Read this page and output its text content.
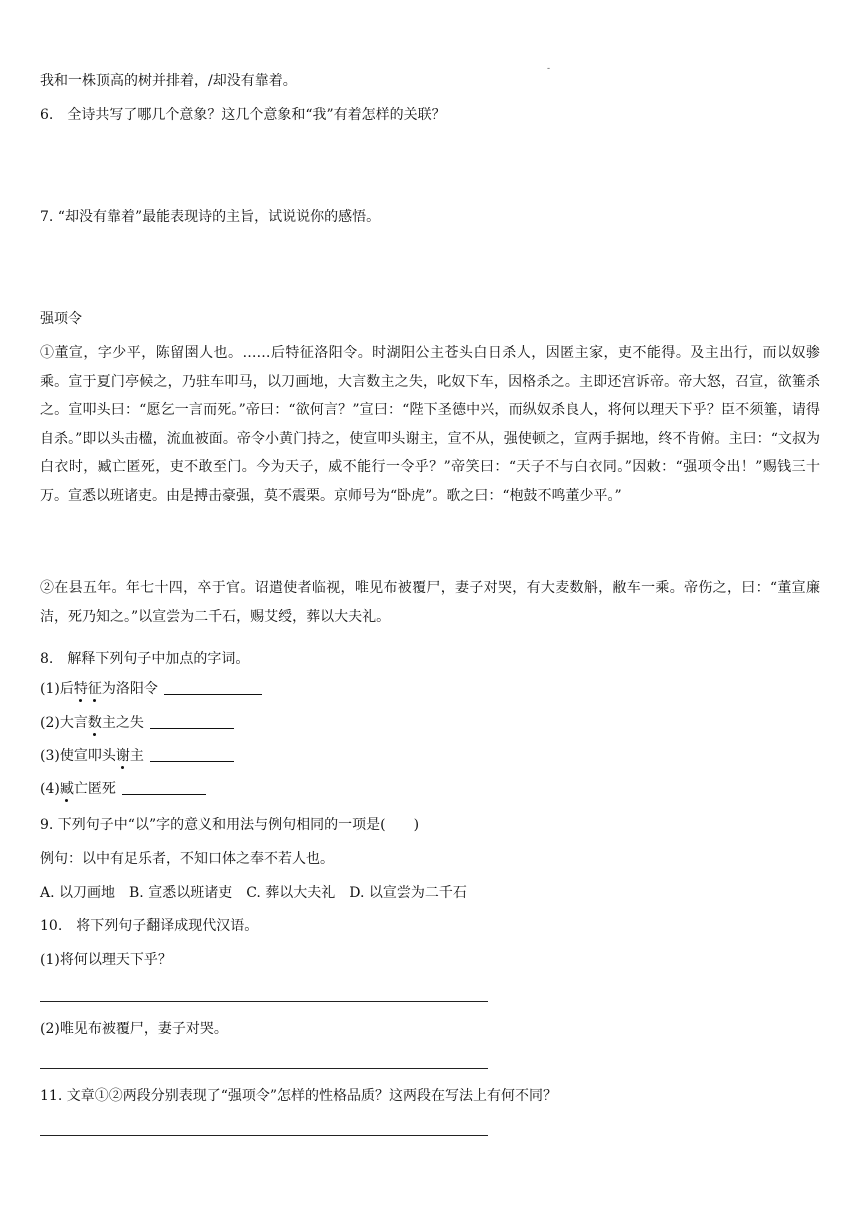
我和一株顶高的树并排着，/却没有靠着。
-
6.　全诗共写了哪几个意象？这几个意象和“我”有着怎样的关联？
7. “却没有靠着”最能表现诗的主旨，试说说你的感悟。
强项令
①董宣，字少平，陈留圉人也。……后特征洛阳令。时湖阳公主苍头白日杀人，因匿主家，吏不能得。及主出行，而以奴骖乘。宣于夏门亭候之，乃驻车叩马，以刀画地，大言数主之失，叱奴下车，因格杀之。主即还宫诉帝。帝大怒，召宣，欲箠杀之。宣叩头曰：“愿乞一言而死。”帝曰：“欲何言？”宣曰：“陛下圣德中兴，而纵奴杀良人，将何以理天下乎？臣不须箠，请得自杀。”即以头击楹，流血被面。帝令小黄门持之，使宣叩头谢主，宣不从，强使顿之，宣两手据地，终不肯俯。主曰：“文叔为白衣时，臧亡匿死，吏不敢至门。今为天子，威不能行一令乎？”帝笑曰：“天子不与白衣同。”因敕：“强项令出！”赐钱三十万。宣悉以班诸吏。由是搏击豪强，莫不震栗。京师号为“卧虎”。歌之曰：“枹鼓不鸣董少平。”
②在县五年。年七十四，卒于官。诏遣使者临视，唯见布被覆尸，妻子对哭，有大麦数斛，敝车一乘。帝伤之，曰：“董宣廉洁，死乃知之。”以宣尝为二千石，赐艾绶，葬以大夫礼。
8.　解释下列句子中加点的字词。
(1)后特征为洛阳令
(2)大言数主之失
(3)使宣叩头谢主
(4)臧亡匿死
9. 下列句子中“以”字的意义和用法与例句相同的一项是(　　)
例句：以中有足乐者，不知口体之奉不若人也。
A. 以刀画地　B. 宣悉以班诸吏　C. 葬以大夫礼　D. 以宣尝为二千石
10.　将下列句子翻译成现代汉语。
(1)将何以理天下乎？
(2)唯见布被覆尸，妻子对哭。
11. 文章①②两段分别表现了“强项令”怎样的性格品质？这两段在写法上有何不同？
